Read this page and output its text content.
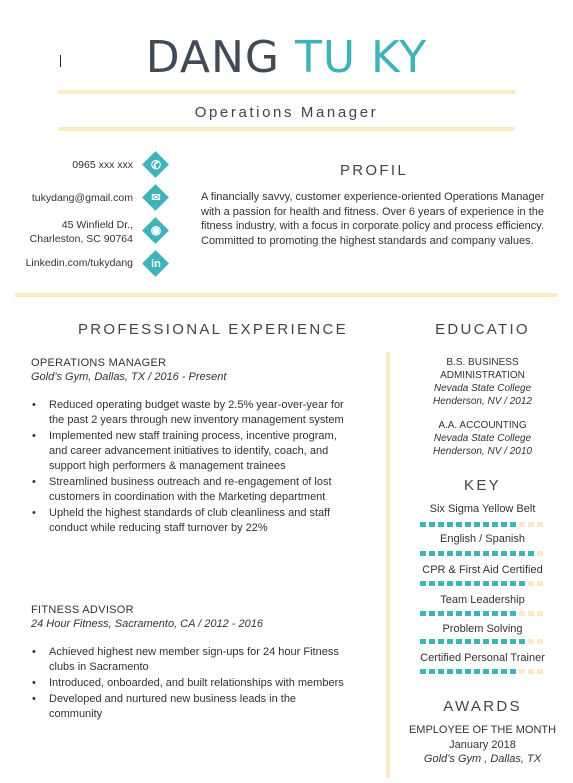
DANG TU KY
Operations Manager
0965 xxx xxx
tukydang@gmail.com
45 Winfield Dr.,
Charleston, SC 90764
Linkedin.com/tukydang
✆
✉
◉
in
PROFIL
A financially savvy, customer experience-oriented Operations Manager with a passion for health and fitness. Over 6 years of experience in the fitness industry, with a focus in corporate policy and process efficiency. Committed to promoting the highest standards and company values.
PROFESSIONAL EXPERIENCE
OPERATIONS MANAGER
Gold’s Gym, Dallas, TX / 2016 - Present
• Reduced operating budget waste by 2.5% year-over-year for the past 2 years through new inventory management system
• Implemented new staff training process, incentive program, and career advancement initiatives to identify, coach, and support high performers & management trainees
• Streamlined business outreach and re-engagement of lost customers in coordination with the Marketing department
• Upheld the highest standards of club cleanliness and staff conduct while reducing staff turnover by 22%
FITNESS ADVISOR
24 Hour Fitness, Sacramento, CA / 2012 - 2016
• Achieved highest new member sign-ups for 24 hour Fitness clubs in Sacramento
• Introduced, onboarded, and built relationships with members
• Developed and nurtured new business leads in the community
EDUCATIO
B.S. BUSINESS
ADMINISTRATION
Nevada State College
Henderson, NV / 2012
A.A. ACCOUNTING
Nevada State College
Henderson, NV / 2010
KEY
Six Sigma Yellow Belt
English / Spanish
CPR & First Aid Certified
Team Leadership
Problem Solving
Certified Personal Trainer
AWARDS
EMPLOYEE OF THE MONTH
January 2018
Gold’s Gym , Dallas, TX
